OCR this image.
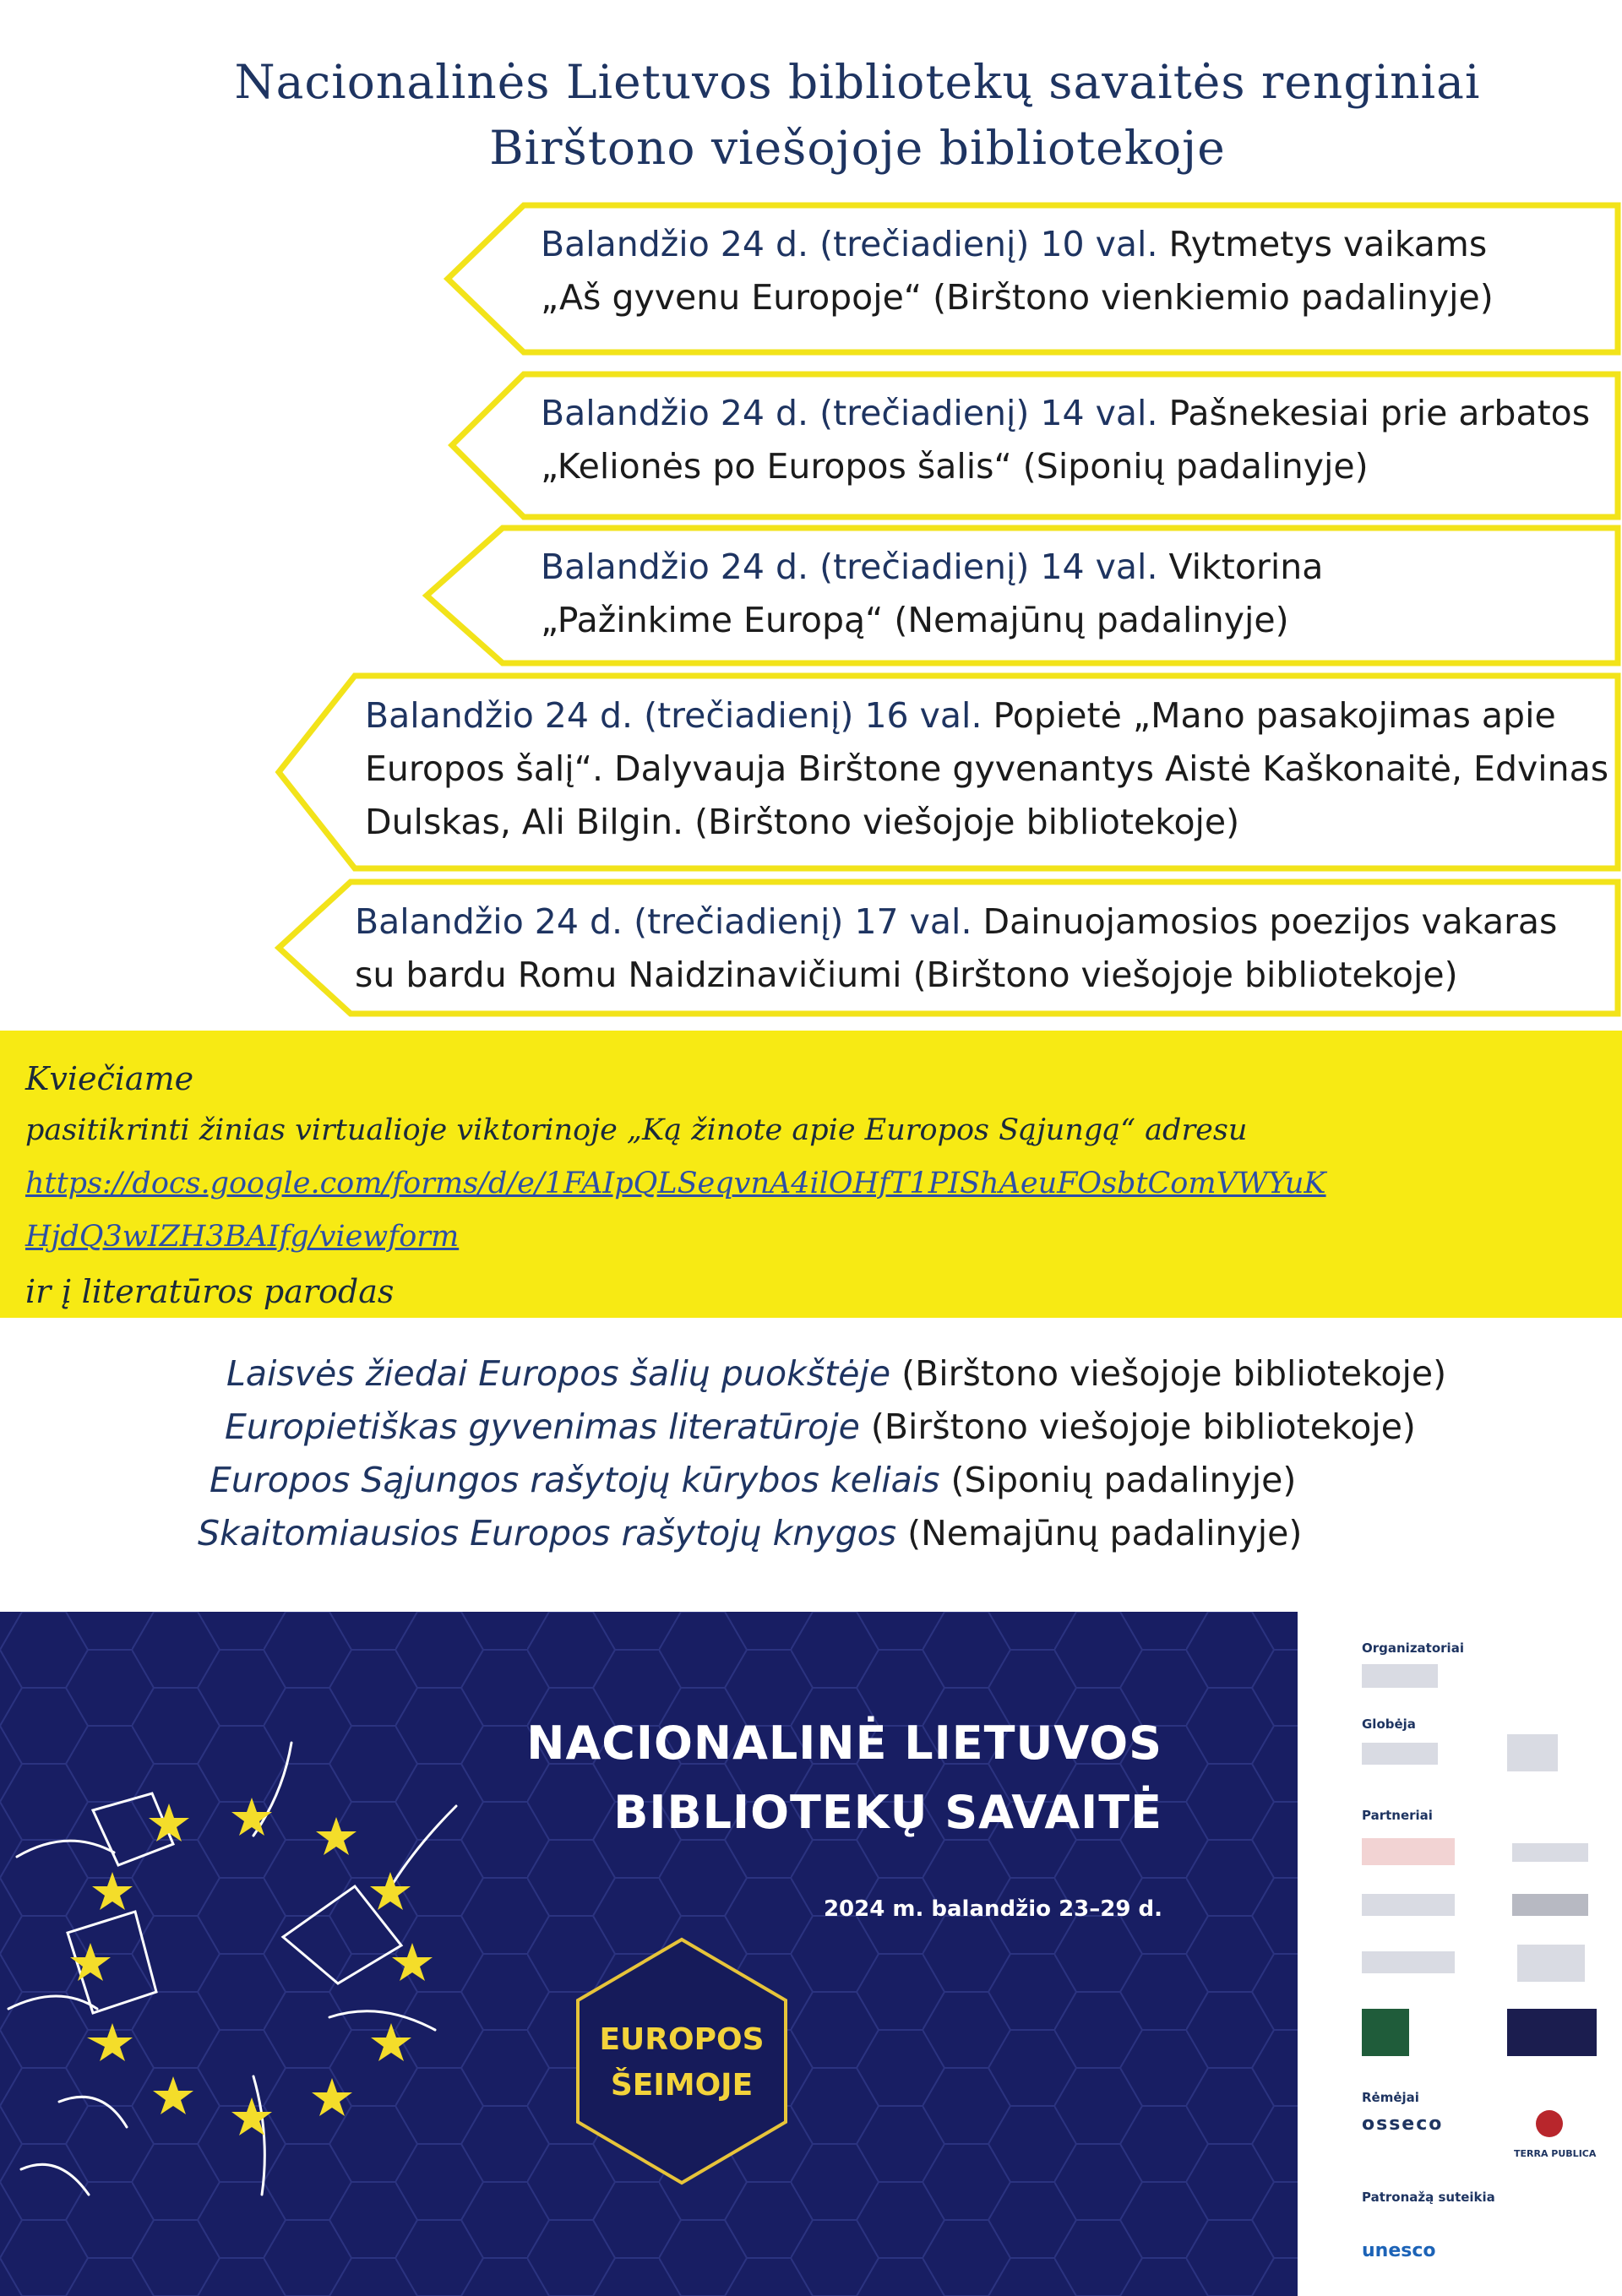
Nacionalinės Lietuvos bibliotekų savaitės renginiai
Birštono viešojoje bibliotekoje
Balandžio 24 d. (trečiadienį) 10 val. Rytmetys vaikams
„Aš gyvenu Europoje“ (Birštono vienkiemio padalinyje)
Balandžio 24 d. (trečiadienį) 14 val. Pašnekesiai prie arbatos
„Kelionės po Europos šalis“ (Siponių padalinyje)
Balandžio 24 d. (trečiadienį) 14 val. Viktorina
„Pažinkime Europą“ (Nemajūnų padalinyje)
Balandžio 24 d. (trečiadienį) 16 val. Popietė „Mano pasakojimas apie
Europos šalį“. Dalyvauja Birštone gyvenantys Aistė Kaškonaitė, Edvinas
Dulskas, Ali Bilgin. (Birštono viešojoje bibliotekoje)
Balandžio 24 d. (trečiadienį) 17 val. Dainuojamosios poezijos vakaras
su bardu Romu Naidzinavičiumi (Birštono viešojoje bibliotekoje)
Kviečiame
pasitikrinti žinias virtualioje viktorinoje „Ką žinote apie Europos Sąjungą“ adresu
https://docs.google.com/forms/d/e/1FAIpQLSeqvnA4ilOHfT1PIShAeuFOsbtComVWYuK
HjdQ3wIZH3BAIfg/viewform
ir į literatūros parodas
Laisvės žiedai Europos šalių puokštėje (Birštono viešojoje bibliotekoje)
Europietiškas gyvenimas literatūroje (Birštono viešojoje bibliotekoje)
Europos Sąjungos rašytojų kūrybos keliais (Siponių padalinyje)
Skaitomiausios Europos rašytojų knygos (Nemajūnų padalinyje)
NACIONALINĖ LIETUVOS
BIBLIOTEKŲ SAVAITĖ
2024 m. balandžio 23–29 d.
EUROPOS
ŠEIMOJE
Organizatoriai
Globėja
Partneriai
Rėmėjai
osseco
TERRA PUBLICA
Patronažą suteikia
unesco
